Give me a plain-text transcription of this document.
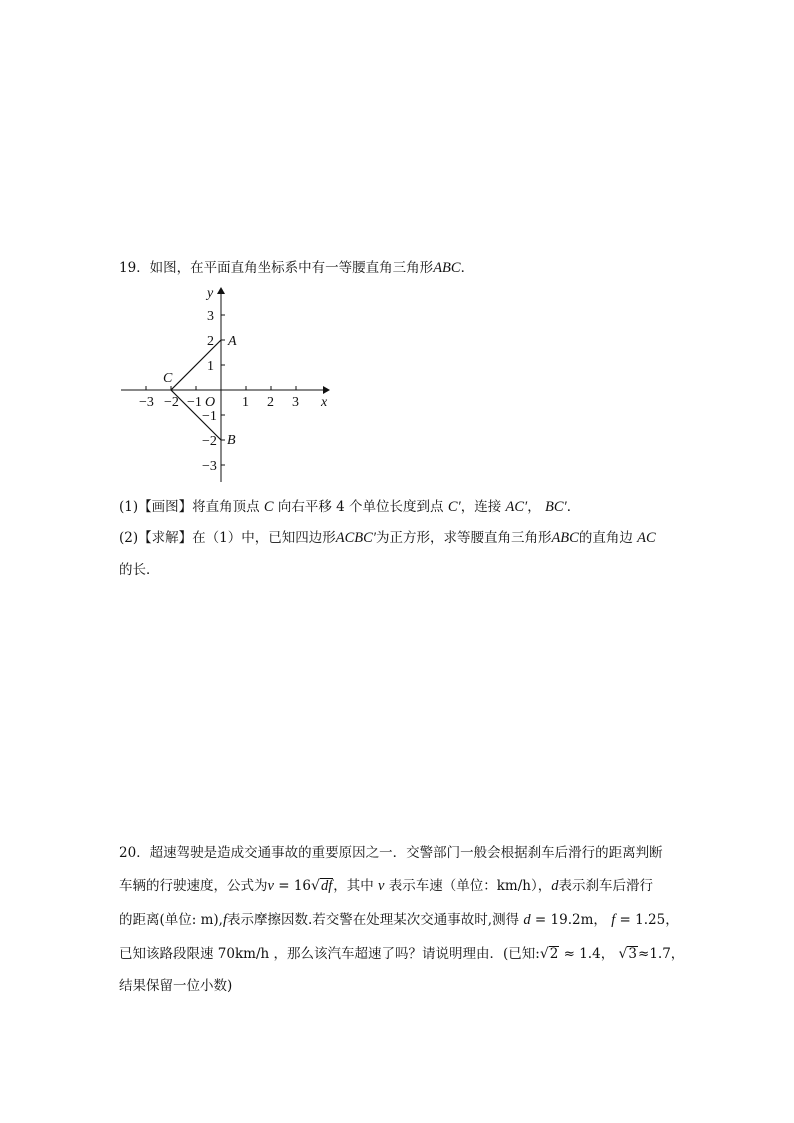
19．如图，在平面直角坐标系中有一等腰直角三角形ABC．
y
x
O
−3 −2 −1	1 2 3
3
2
1
−1
−2
−3
A
B
C
(1)【画图】将直角顶点 C 向右平移 4 个单位长度到点 C′，连接 AC′， BC′．
(2)【求解】在（1）中，已知四边形ACBC′为正方形，求等腰直角三角形ABC的直角边 AC
的长．
20．超速驾驶是造成交通事故的重要原因之一．交警部门一般会根据刹车后滑行的距离判断
车辆的行驶速度，公式为v = 16√df，其中 v 表示车速（单位：km/h），d表示刹车后滑行
的距离(单位: m),f表示摩擦因数.若交警在处理某次交通事故时,测得 d = 19.2m， f = 1.25，
已知该路段限速 70km/h ，那么该汽车超速了吗？请说明理由．(已知:√2 ≈ 1.4， √3≈1.7，
结果保留一位小数)
